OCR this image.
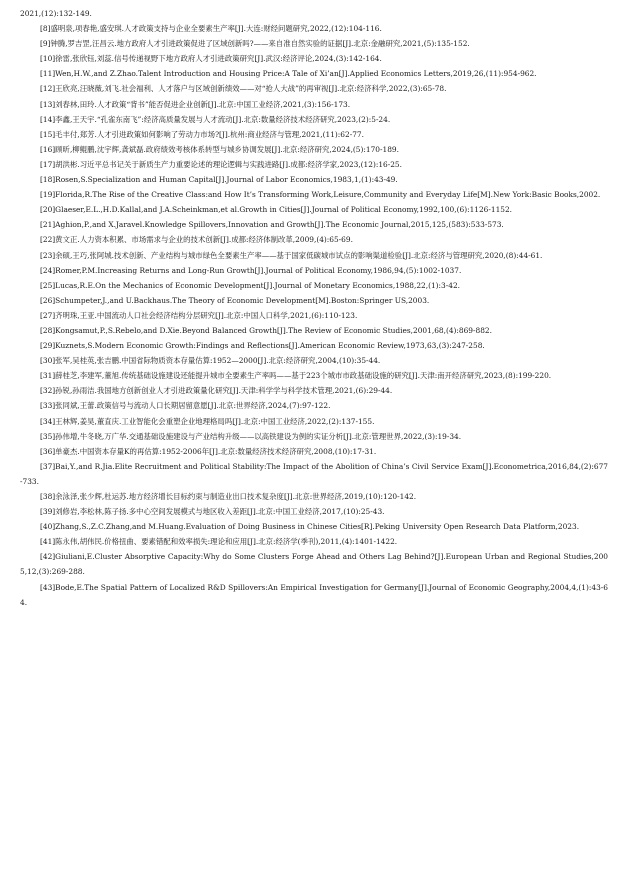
2021,(12):132-149.

[8]盛明泉,项春艳,盛安琪.人才政策支持与企业全要素生产率[J].大连:财经问题研究,2022,(12):104-116.

[9]钟腾,罗吉罡,汪昌云.地方政府人才引进政策促进了区域创新吗?——来自准自然实验的证据[J].北京:金融研究,2021,(5):135-152.

[10]徐雷,张欣钰,刘蕊.信号传递视野下地方政府人才引进政策研究[J].武汉:经济评论,2024,(3):142-164.

[11]Wen,H.W.,and Z.Zhao.Talent Introduction and Housing Price:A Tale of Xi’an[J].Applied Economics Letters,2019,26,(11):954-962.

[12]王欣亮,汪晓薇,刘飞.社会福利、人才落户与区域创新绩效——对“抢人大战”的再审视[J].北京:经济科学,2022,(3):65-78.

[13]刘春林,田玲.人才政策“背书”能否促进企业创新[J].北京:中国工业经济,2021,(3):156-173.

[14]李鑫,王天宇.“孔雀东南飞”:经济高质量发展与人才流动[J].北京:数量经济技术经济研究,2023,(2):5-24.

[15]毛丰付,郑芳.人才引进政策如何影响了劳动力市场?[J].杭州:商业经济与管理,2021,(11):62-77.

[16]顾昕,柳鲲鹏,沈宇辉,龚斌磊.政府绩效考核体系转型与城乡协调发展[J].北京:经济研究,2024,(5):170-189.

[17]胡洪彬.习近平总书记关于新质生产力重要论述的理论逻辑与实践进路[J].成都:经济学家,2023,(12):16-25.

[18]Rosen,S.Specialization and Human Capital[J].Journal of Labor Economics,1983,1,(1):43-49.

[19]Florida,R.The Rise of the Creative Class:and How It’s Transforming Work,Leisure,Community and Everyday Life[M].New York:Basic Books,2002.

[20]Glaeser,E.L.,H.D.Kallal,and J.A.Scheinkman,et al.Growth in Cities[J].Journal of Political Economy,1992,100,(6):1126-1152.

[21]Aghion,P.,and X.Jaravel.Knowledge Spillovers,Innovation and Growth[J].The Economic Journal,2015,125,(583):533-573.

[22]黄文正.人力资本积累、市场需求与企业的技术创新[J].成都:经济体制改革,2009,(4):65-69.

[23]余硕,王巧,张阿城.技术创新、产业结构与城市绿色全要素生产率——基于国家低碳城市试点的影响渠道检验[J].北京:经济与管理研究,2020,(8):44-61.

[24]Romer,P.M.Increasing Returns and Long-Run Growth[J].Journal of Political Economy,1986,94,(5):1002-1037.

[25]Lucas,R.E.On the Mechanics of Economic Development[J].Journal of Monetary Economics,1988,22,(1):3-42.

[26]Schumpeter,J.,and U.Backhaus.The Theory of Economic Development[M].Boston:Springer US,2003.

[27]齐明珠,王亚.中国流动人口社会经济结构分层研究[J].北京:中国人口科学,2021,(6):110-123.

[28]Kongsamut,P.,S.Rebelo,and D.Xie.Beyond Balanced Growth[J].The Review of Economic Studies,2001,68,(4):869-882.

[29]Kuznets,S.Modern Economic Growth:Findings and Reflections[J].American Economic Review,1973,63,(3):247-258.

[30]张军,吴桂英,张吉鹏.中国省际物质资本存量估算:1952—2000[J].北京:经济研究,2004,(10):35-44.

[31]薛桂芝,李建军,董旭.传统基础设施建设还能提升城市全要素生产率吗——基于223个城市市政基础设施的研究[J].天津:南开经济研究,2023,(8):199-220.

[32]孙锐,孙雨洁.我国地方创新创业人才引进政策量化研究[J].天津:科学学与科学技术管理,2021,(6):29-44.

[33]张同斌,王蕾.政策信号与流动人口长期居留意愿[J].北京:世界经济,2024,(7):97-122.

[34]王林辉,姜昊,董直庆.工业智能化会重塑企业地理格局吗[J].北京:中国工业经济,2022,(2):137-155.

[35]孙伟增,牛冬晓,万广华.交通基础设施建设与产业结构升级——以高铁建设为例的实证分析[J].北京:管理世界,2022,(3):19-34.

[36]单豪杰.中国资本存量K的再估算:1952-2006年[J].北京:数量经济技术经济研究,2008,(10):17-31.

[37]Bai,Y.,and R.Jia.Elite Recruitment and Political Stability:The Impact of the Abolition of China’s Civil Service Exam[J].Econometrica,2016,84,(2):677-733.

[38]余泳泽,张少辉,杜运苏.地方经济增长目标约束与制造业出口技术复杂度[J].北京:世界经济,2019,(10):120-142.

[39]刘修岩,李松林,陈子扬.多中心空间发展模式与地区收入差距[J].北京:中国工业经济,2017,(10):25-43.

[40]Zhang,S.,Z.C.Zhang,and M.Huang.Evaluation of Doing Business in Chinese Cities[R].Peking University Open Research Data Platform,2023.

[41]陈永伟,胡伟民.价格扭曲、要素错配和效率损失:理论和应用[J].北京:经济学(季刊),2011,(4):1401-1422.

[42]Giuliani,E.Cluster Absorptive Capacity:Why do Some Clusters Forge Ahead and Others Lag Behind?[J].European Urban and Regional Studies,2005,12,(3):269-288.

[43]Bode,E.The Spatial Pattern of Localized R&D Spillovers:An Empirical Investigation for Germany[J].Journal of Economic Geography,2004,4,(1):43-64.
